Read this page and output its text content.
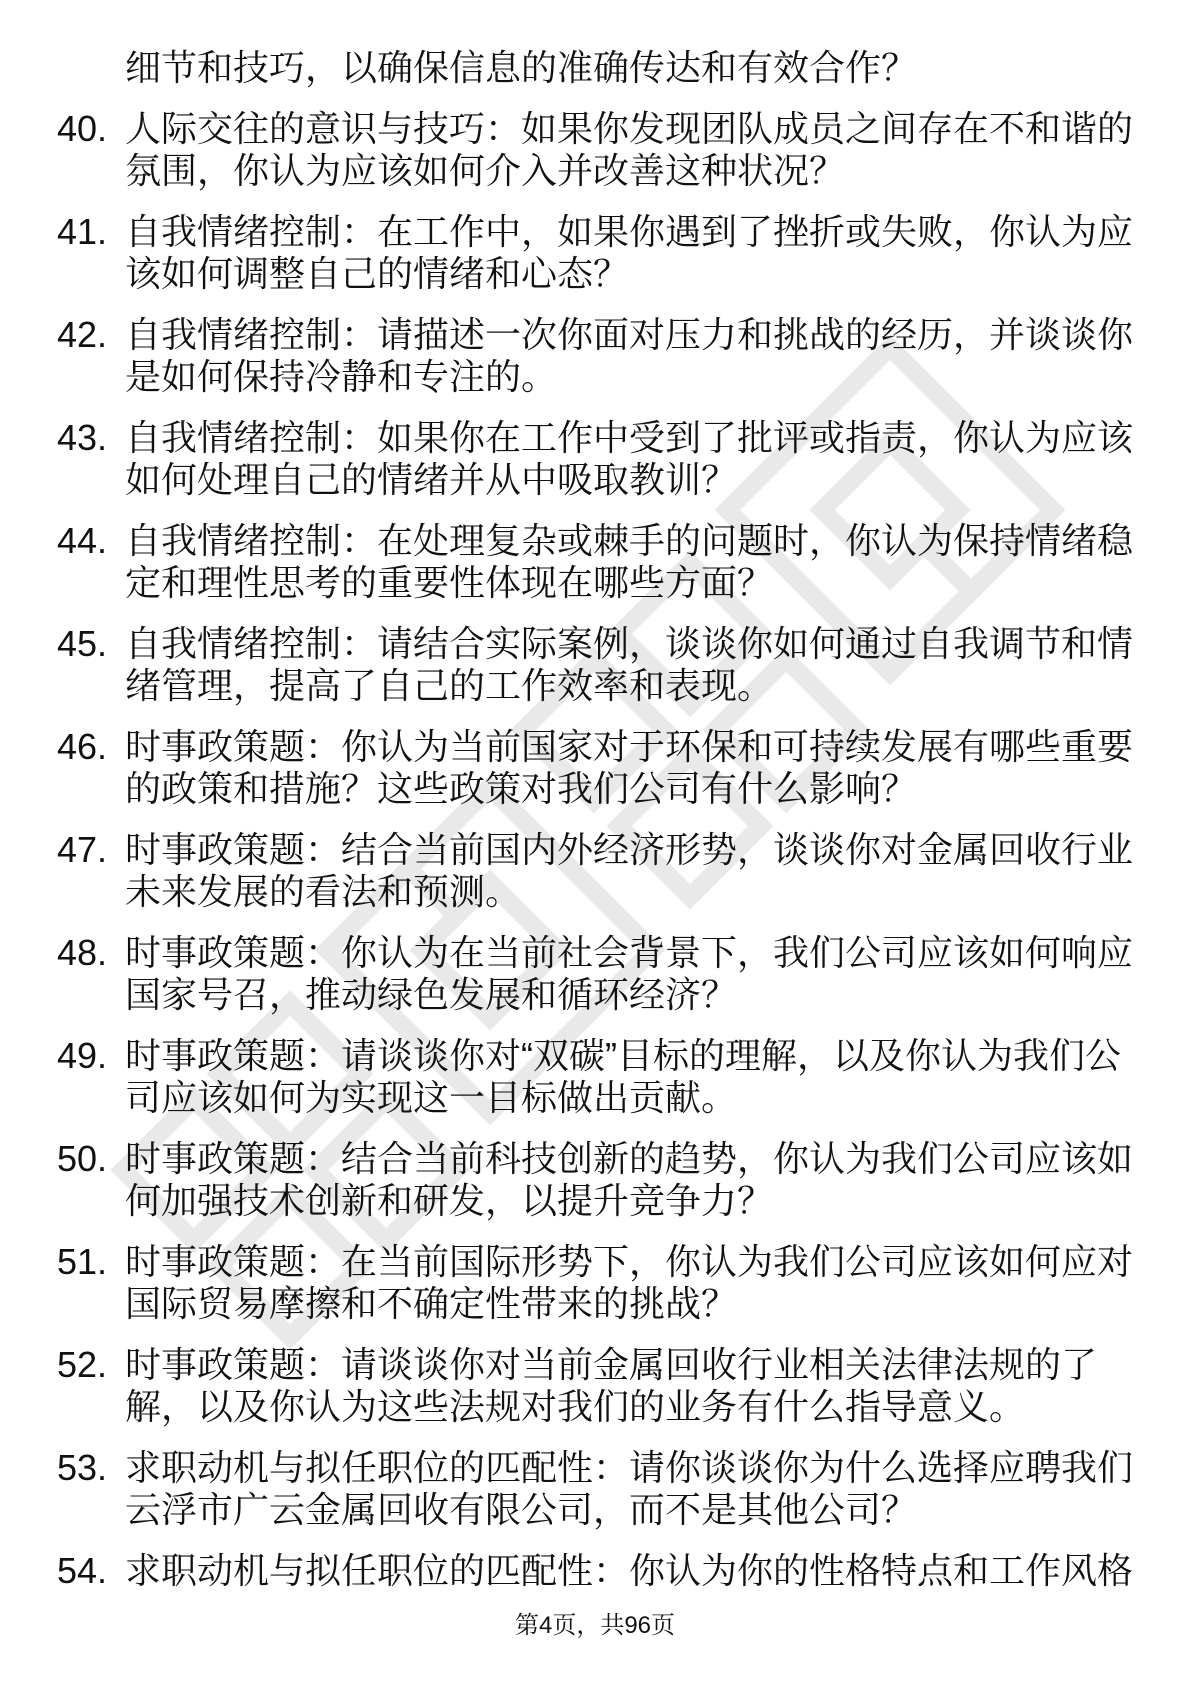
细节和技巧，以确保信息的准确传达和有效合作？

40. 人际交往的意识与技巧：如果你发现团队成员之间存在不和谐的氛围，你认为应该如何介入并改善这种状况？
41. 自我情绪控制：在工作中，如果你遇到了挫折或失败，你认为应该如何调整自己的情绪和心态？
42. 自我情绪控制：请描述一次你面对压力和挑战的经历，并谈谈你是如何保持冷静和专注的。
43. 自我情绪控制：如果你在工作中受到了批评或指责，你认为应该如何处理自己的情绪并从中吸取教训？
44. 自我情绪控制：在处理复杂或棘手的问题时，你认为保持情绪稳定和理性思考的重要性体现在哪些方面？
45. 自我情绪控制：请结合实际案例，谈谈你如何通过自我调节和情绪管理，提高了自己的工作效率和表现。
46. 时事政策题：你认为当前国家对于环保和可持续发展有哪些重要的政策和措施？这些政策对我们公司有什么影响？
47. 时事政策题：结合当前国内外经济形势，谈谈你对金属回收行业未来发展的看法和预测。
48. 时事政策题：你认为在当前社会背景下，我们公司应该如何响应国家号召，推动绿色发展和循环经济？
49. 时事政策题：请谈谈你对“双碳”目标的理解，以及你认为我们公司应该如何为实现这一目标做出贡献。
50. 时事政策题：结合当前科技创新的趋势，你认为我们公司应该如何加强技术创新和研发，以提升竞争力？
51. 时事政策题：在当前国际形势下，你认为我们公司应该如何应对国际贸易摩擦和不确定性带来的挑战？
52. 时事政策题：请谈谈你对当前金属回收行业相关法律法规的了解，以及你认为这些法规对我们的业务有什么指导意义。
53. 求职动机与拟任职位的匹配性：请你谈谈你为什么选择应聘我们云浮市广云金属回收有限公司，而不是其他公司？
54. 求职动机与拟任职位的匹配性：你认为你的性格特点和工作风格
第4页，共96页
